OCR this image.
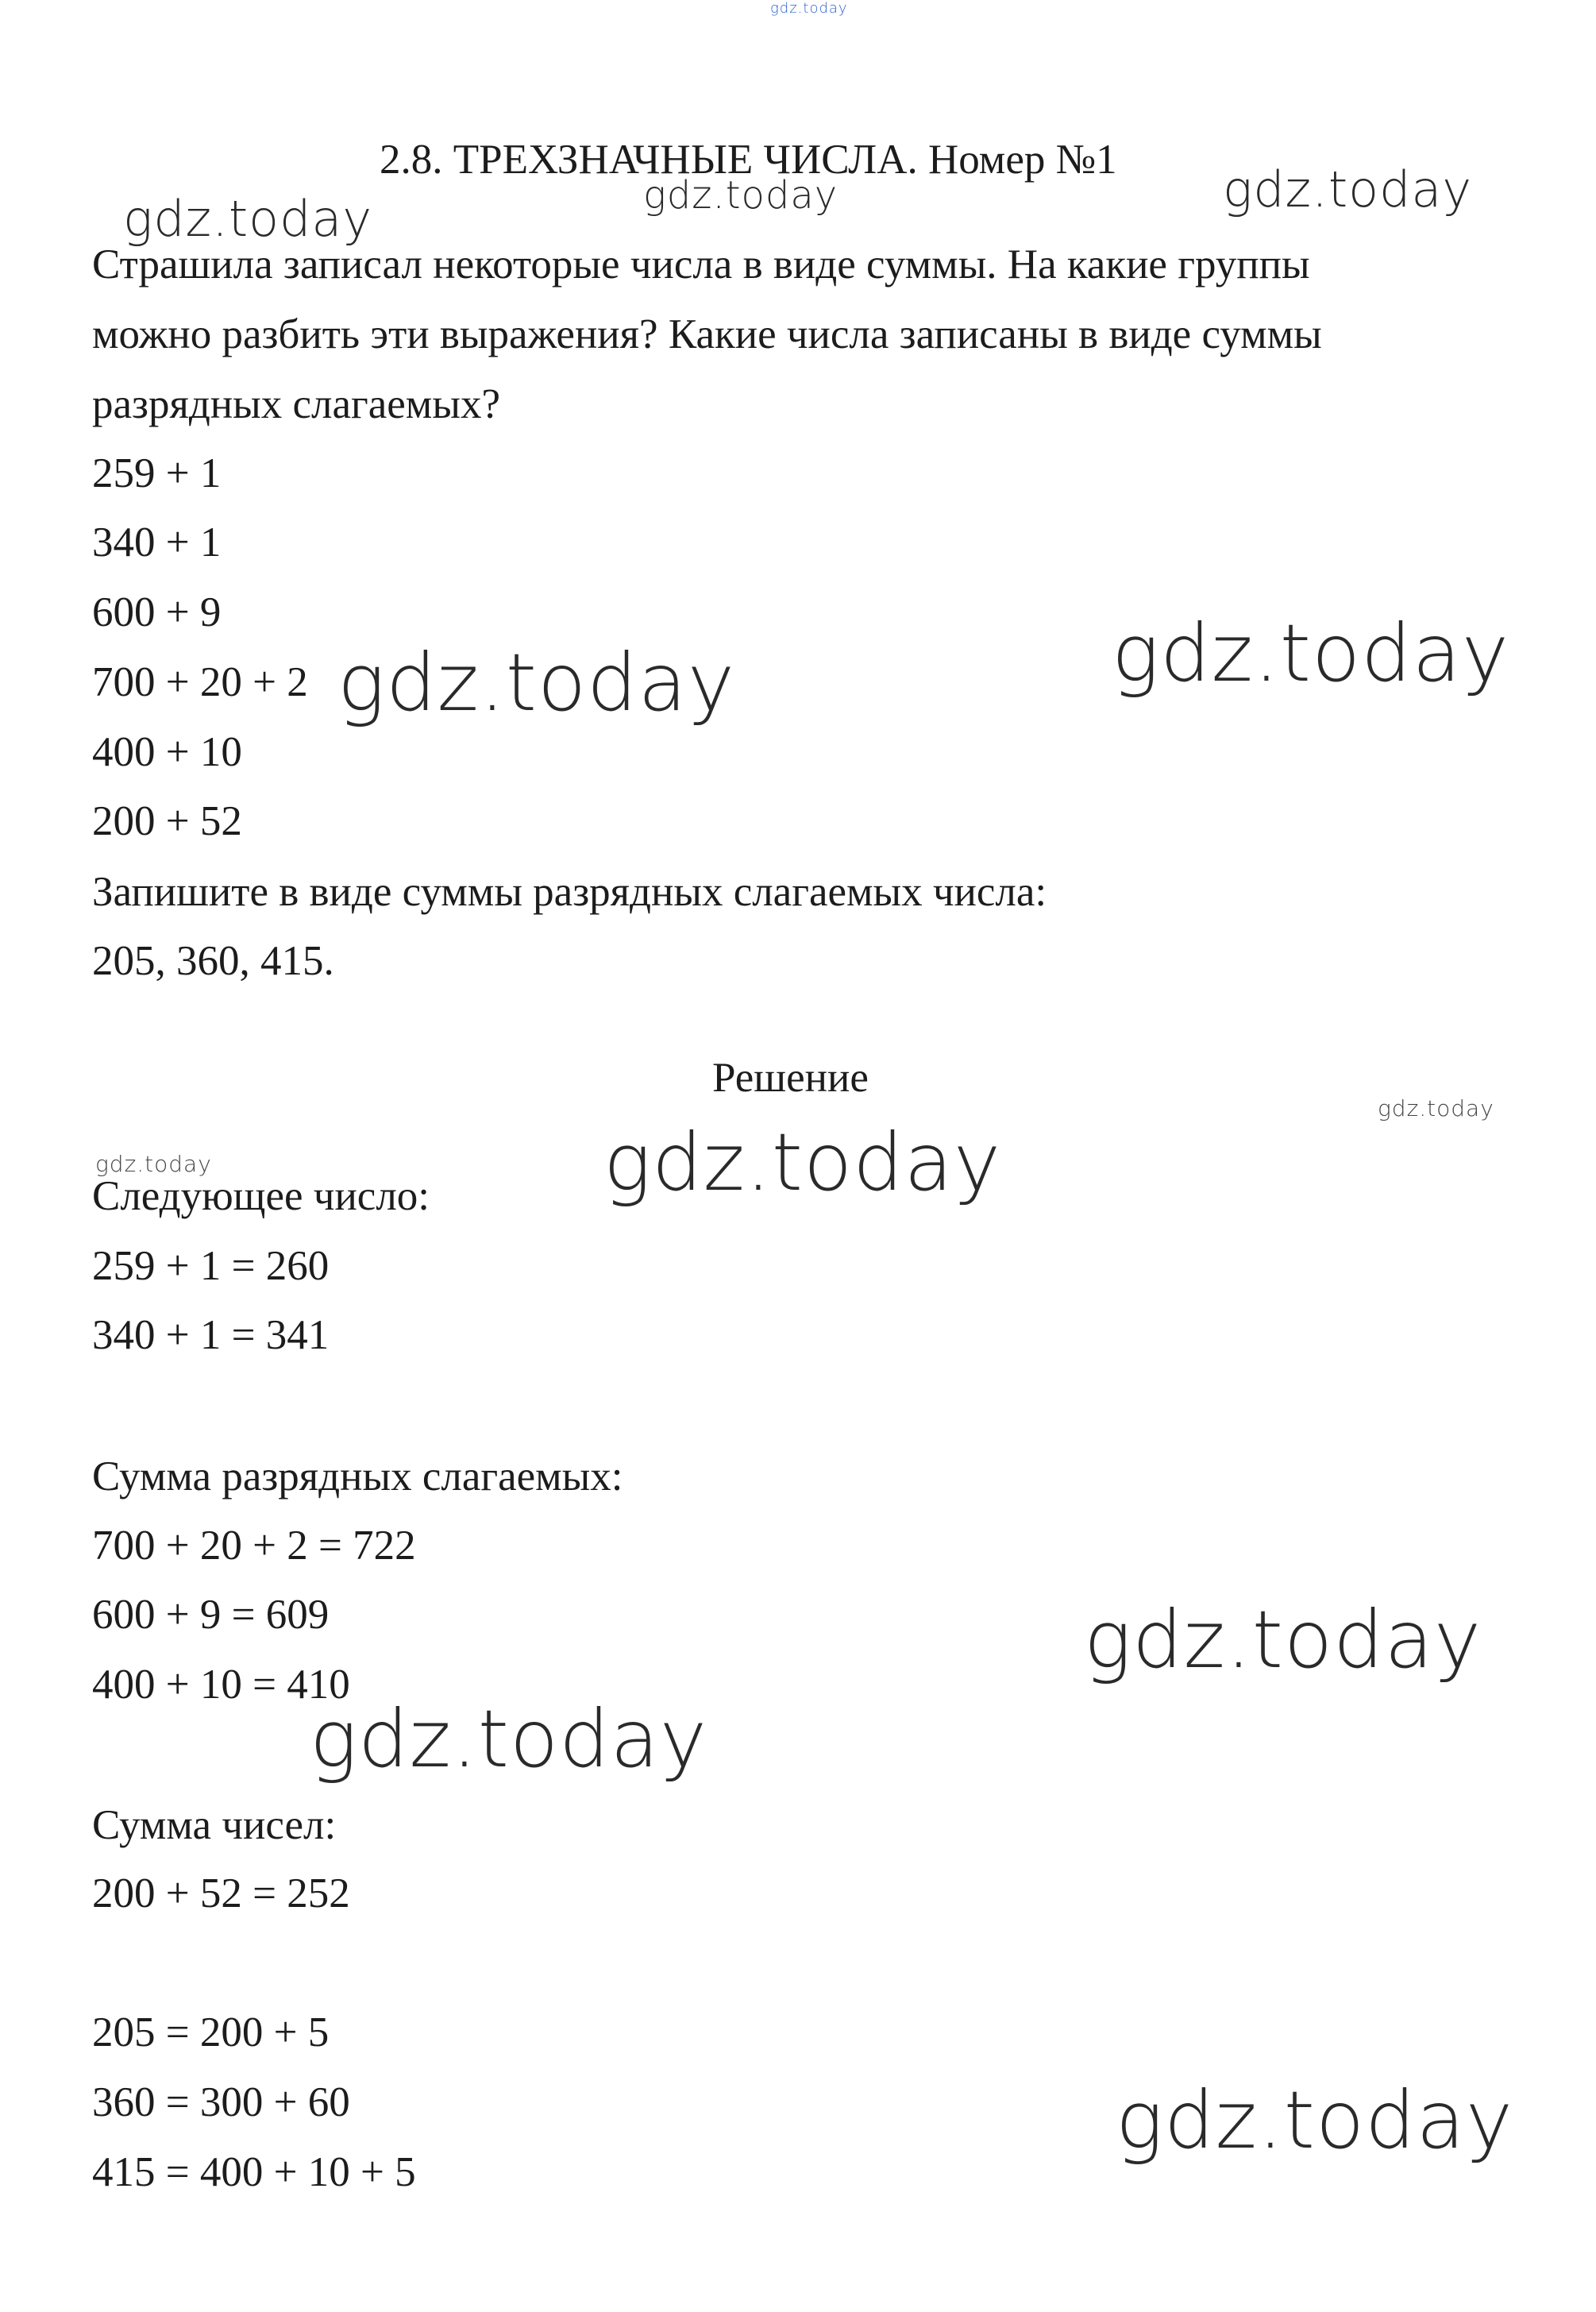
gdz.today
gdz.today	gdz.today
gdz.today
gdz.today
gdz.today
gdz.today
gdz.today	gdz.today
gdz.today
gdz.today
gdz.today
2.8. ТРЕХЗНАЧНЫЕ ЧИСЛА. Номер №1
Страшила записал некоторые числа в виде суммы. На какие группы
можно разбить эти выражения? Какие числа записаны в виде суммы
разрядных слагаемых?
259 + 1
340 + 1
600 + 9
700 + 20 + 2
400 + 10
200 + 52
Запишите в виде суммы разрядных слагаемых числа:
205, 360, 415.
Решение
Следующее число:
259 + 1 = 260
340 + 1 = 341
Сумма разрядных слагаемых:
700 + 20 + 2 = 722
600 + 9 = 609
400 + 10 = 410
Сумма чисел:
200 + 52 = 252
205 = 200 + 5
360 = 300 + 60
415 = 400 + 10 + 5
